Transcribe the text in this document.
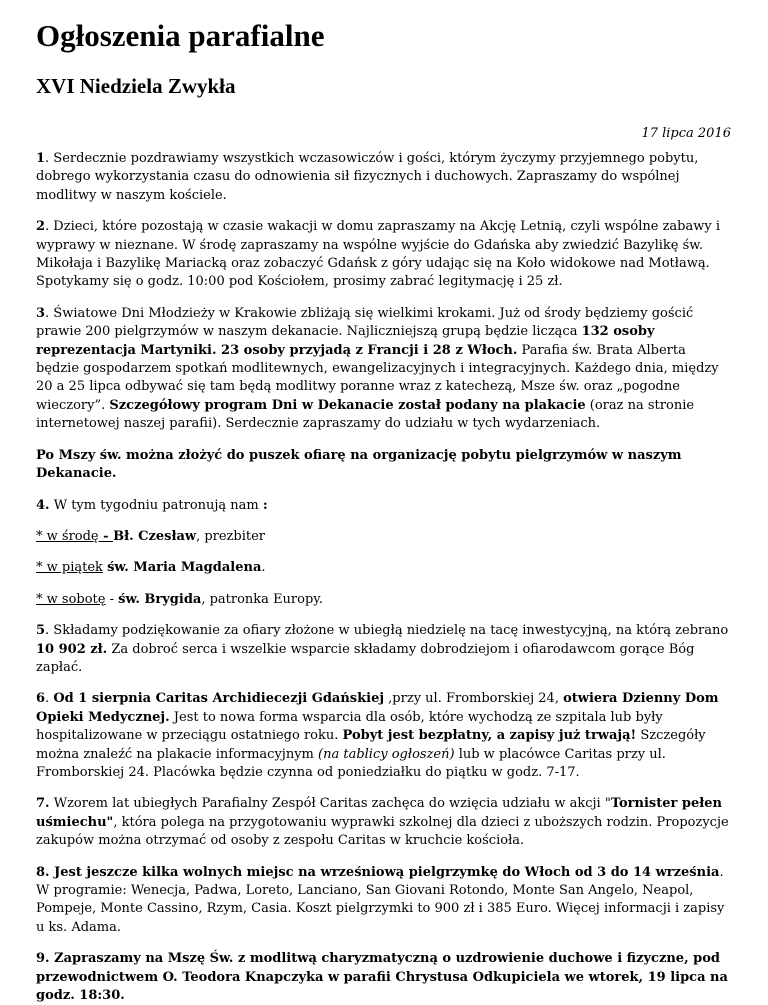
Ogłoszenia parafialne
XVI Niedziela Zwykła
17 lipca 2016

1. Serdecznie pozdrawiamy wszystkich wczasowiczów i gości, którym życzymy przyjemnego pobytu, dobrego wykorzystania czasu do odnowienia sił fizycznych i duchowych. Zapraszamy do wspólnej modlitwy w naszym kościele.

2. Dzieci, które pozostają w czasie wakacji w domu zapraszamy na Akcję Letnią, czyli wspólne zabawy i wyprawy w nieznane. W środę zapraszamy na wspólne wyjście do Gdańska aby zwiedzić Bazylikę św. Mikołaja i Bazylikę Mariacką oraz zobaczyć Gdańsk z góry udając się na Koło widokowe nad Motławą. Spotykamy się o godz. 10:00 pod Kościołem, prosimy zabrać legitymację i 25 zł.

3. Światowe Dni Młodzieży w Krakowie zbliżają się wielkimi krokami. Już od środy będziemy gościć prawie 200 pielgrzymów w naszym dekanacie. Najliczniejszą grupą będzie licząca 132 osoby reprezentacja Martyniki. 23 osoby przyjadą z Francji i 28 z Włoch. Parafia św. Brata Alberta będzie gospodarzem spotkań modlitewnych, ewangelizacyjnych i integracyjnych. Każdego dnia, między 20 a 25 lipca odbywać się tam będą modlitwy poranne wraz z katechezą, Msze św. oraz „pogodne wieczory”. Szczegółowy program Dni w Dekanacie został podany na plakacie (oraz na stronie internetowej naszej parafii). Serdecznie zapraszamy do udziału w tych wydarzeniach.

Po Mszy św. można złożyć do puszek ofiarę na organizację pobytu pielgrzymów w naszym Dekanacie.

4. W tym tygodniu patronują nam :

* w środę - Bł. Czesław, prezbiter

* w piątek św. Maria Magdalena.

* w sobotę - św. Brygida, patronka Europy.

5. Składamy podziękowanie za ofiary złożone w ubiegłą niedzielę na tacę inwestycyjną, na którą zebrano 10 902 zł. Za dobroć serca i wszelkie wsparcie składamy dobrodziejom i ofiarodawcom gorące Bóg zapłać.

6. Od 1 sierpnia Caritas Archidiecezji Gdańskiej ,przy ul. Fromborskiej 24, otwiera Dzienny Dom Opieki Medycznej. Jest to nowa forma wsparcia dla osób, które wychodzą ze szpitala lub były hospitalizowane w przeciągu ostatniego roku. Pobyt jest bezpłatny, a zapisy już trwają! Szczegóły można znaleźć na plakacie informacyjnym (na tablicy ogłoszeń) lub w placówce Caritas przy ul. Fromborskiej 24. Placówka będzie czynna od poniedziałku do piątku w godz. 7-17.

7. Wzorem lat ubiegłych Parafialny Zespół Caritas zachęca do wzięcia udziału w akcji "Tornister pełen uśmiechu", która polega na przygotowaniu wyprawki szkolnej dla dzieci z uboższych rodzin. Propozycje zakupów można otrzymać od osoby z zespołu Caritas w kruchcie kościoła.

8. Jest jeszcze kilka wolnych miejsc na wrześniową pielgrzymkę do Włoch od 3 do 14 września. W programie: Wenecja, Padwa, Loreto, Lanciano, San Giovani Rotondo, Monte San Angelo, Neapol, Pompeje, Monte Cassino, Rzym, Casia. Koszt pielgrzymki to 900 zł i 385 Euro. Więcej informacji i zapisy u ks. Adama.

9. Zapraszamy na Mszę Św. z modlitwą charyzmatyczną o uzdrowienie duchowe i fizyczne, pod przewodnictwem O. Teodora Knapczyka w parafii Chrystusa Odkupiciela we wtorek, 19 lipca na godz. 18:30.
